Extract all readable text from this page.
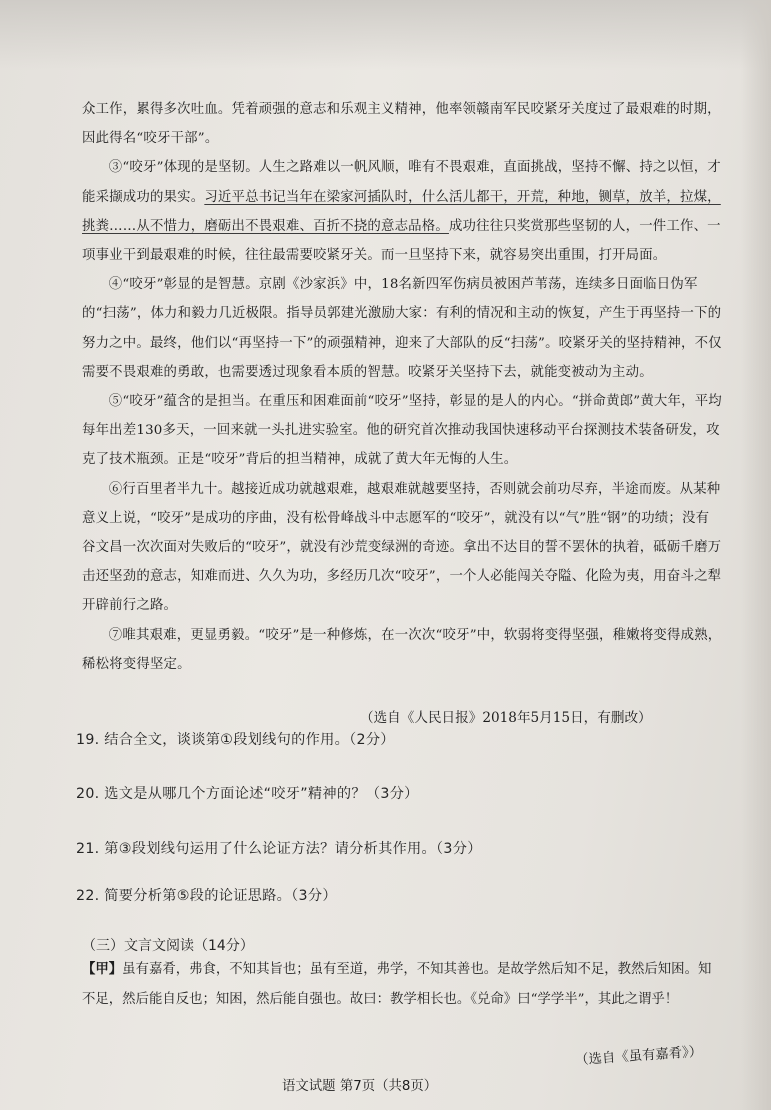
众工作，累得多次吐血。凭着顽强的意志和乐观主义精神，他率领赣南军民咬紧牙关度过了最艰难的时期，因此得名“咬牙干部”。

③“咬牙”体现的是坚韧。人生之路难以一帆风顺，唯有不畏艰难，直面挑战，坚持不懈、持之以恒，才能采撷成功的果实。习近平总书记当年在梁家河插队时，什么活儿都干，开荒，种地，铡草，放羊，拉煤，挑粪……从不惜力，磨砺出不畏艰难、百折不挠的意志品格。成功往往只奖赏那些坚韧的人，一件工作、一项事业干到最艰难的时候，往往最需要咬紧牙关。而一旦坚持下来，就容易突出重围，打开局面。

④“咬牙”彰显的是智慧。京剧《沙家浜》中，18名新四军伤病员被困芦苇荡，连续多日面临日伪军的“扫荡”，体力和毅力几近极限。指导员郭建光激励大家：有利的情况和主动的恢复，产生于再坚持一下的努力之中。最终，他们以“再坚持一下”的顽强精神，迎来了大部队的反“扫荡”。咬紧牙关的坚持精神，不仅需要不畏艰难的勇敢，也需要透过现象看本质的智慧。咬紧牙关坚持下去，就能变被动为主动。

⑤“咬牙”蕴含的是担当。在重压和困难面前“咬牙”坚持，彰显的是人的内心。“拼命黄郎”黄大年，平均每年出差130多天，一回来就一头扎进实验室。他的研究首次推动我国快速移动平台探测技术装备研发，攻克了技术瓶颈。正是“咬牙”背后的担当精神，成就了黄大年无悔的人生。

⑥行百里者半九十。越接近成功就越艰难，越艰难就越要坚持，否则就会前功尽弃，半途而废。从某种意义上说，“咬牙”是成功的序曲，没有松骨峰战斗中志愿军的“咬牙”，就没有以“气”胜“钢”的功绩；没有谷文昌一次次面对失败后的“咬牙”，就没有沙荒变绿洲的奇迹。拿出不达目的誓不罢休的执着，砥砺千磨万击还坚劲的意志，知难而进、久久为功，多经历几次“咬牙”，一个人必能闯关夺隘、化险为夷，用奋斗之犁开辟前行之路。

⑦唯其艰难，更显勇毅。“咬牙”是一种修炼，在一次次“咬牙”中，软弱将变得坚强，稚嫩将变得成熟，稀松将变得坚定。

（选自《人民日报》2018年5月15日，有删改）
19. 结合全文，谈谈第①段划线句的作用。（2分）
20. 选文是从哪几个方面论述“咬牙”精神的？（3分）
21. 第③段划线句运用了什么论证方法？请分析其作用。（3分）
22. 简要分析第⑤段的论证思路。（3分）
（三）文言文阅读（14分）

【甲】虽有嘉肴，弗食，不知其旨也；虽有至道，弗学，不知其善也。是故学然后知不足，教然后知困。知不足，然后能自反也；知困，然后能自强也。故曰：教学相长也。《兑命》曰“学学半”，其此之谓乎！

（选自《虽有嘉肴》）
语文试题 第7页（共8页）
